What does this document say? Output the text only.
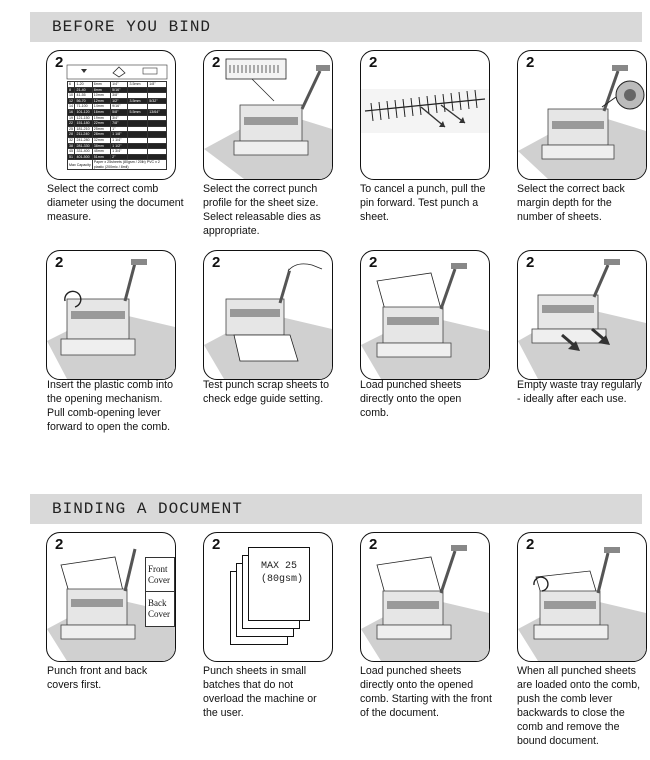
BEFORE YOU BIND
BINDING A DOCUMENT
2
6	1-20	6mm	1/4"	3.5mm	1/8"
8	21-40	8mm	5/16"		
10	41-55	10mm	3/8"		
12	56-70	12mm	1/2"	3.5mm	5/32"
14	71-100	14mm	9/16"		
16	101-120	16mm	5/8"	5.5mm	13/64"
19	121-150	19mm	3/4"		
22	151-180	22mm	7/8"		
25	181-210	25mm	1"		
28	211-240	28mm	1 1/8"		
32	241-280	32mm	1 1/4"		
38	281-330	38mm	1 1/2"		
45	331-400	45mm	1 3/4"		
51	401-500	51mm	2"		
Max Capacity		Paper x 25sheets (80gsm / 20lb) PVC x 2 plastic (200mic / 8mil)			
2	2	2
Select the correct comb diameter using the document measure.
Select the correct punch profile for the sheet size. Select releasable dies as appropriate.
To cancel a punch, pull the pin forward. Test punch a sheet.
Select the correct back margin depth for the number of sheets.
2	2	2	2
Insert the plastic comb into the opening mechanism. Pull comb-opening lever forward to open the comb.
Test punch scrap sheets to check edge guide setting.
Load punched sheets directly onto the open comb.
Empty waste tray regularly - ideally after each use.
2
Front Cover
Back Cover
2
MAX 25
(80gsm)
2	2
Punch front and back covers first.
Punch sheets in small batches that do not overload the machine or the user.
Load punched sheets directly onto the opened comb. Starting with the front of the document.
When all punched sheets are loaded onto the comb, push the comb lever backwards to close the comb and remove the bound document.
